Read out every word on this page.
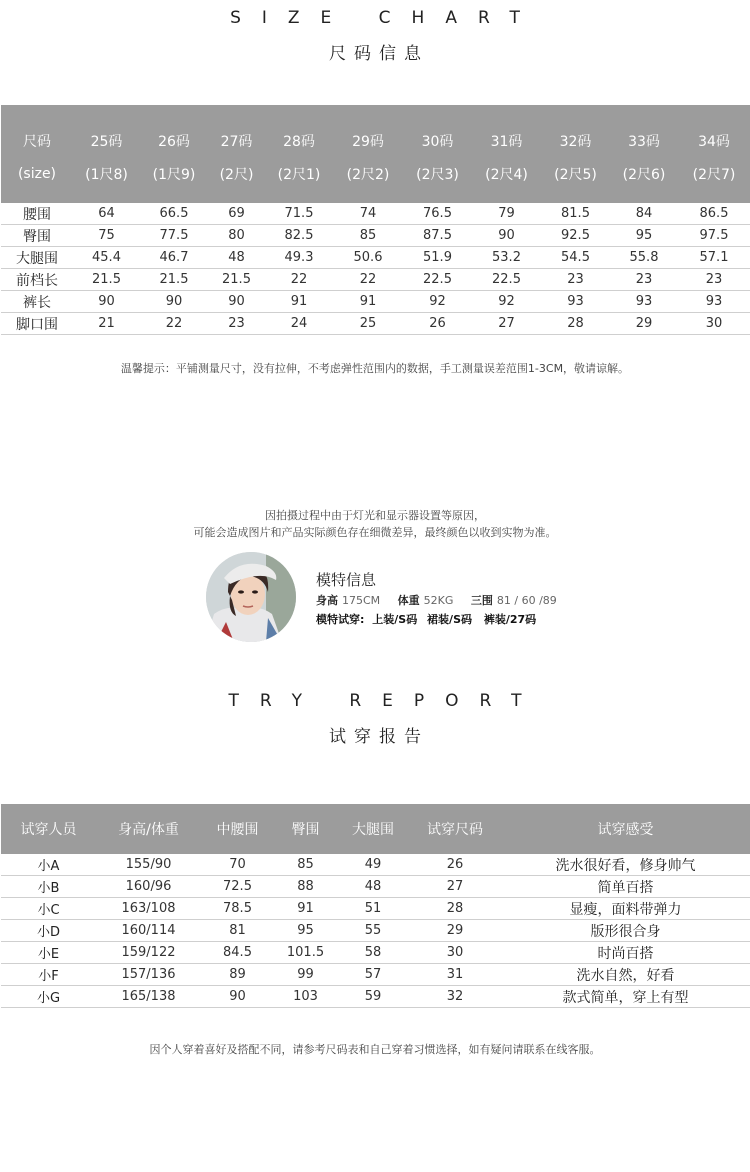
SIZE CHART
尺码信息
尺码	25码	26码	27码	28码	29码	30码	31码	32码	33码	34码
(size)	(1尺8)	(1尺9)	(2尺)	(2尺1)	(2尺2)	(2尺3)	(2尺4)	(2尺5)	(2尺6)	(2尺7)
腰围	64	66.5	69	71.5	74	76.5	79	81.5	84	86.5
臀围	75	77.5	80	82.5	85	87.5	90	92.5	95	97.5
大腿围	45.4	46.7	48	49.3	50.6	51.9	53.2	54.5	55.8	57.1
前档长	21.5	21.5	21.5	22	22	22.5	22.5	23	23	23
裤长	90	90	90	91	91	92	92	93	93	93
脚口围	21	22	23	24	25	26	27	28	29	30
温馨提示：平铺测量尺寸，没有拉伸，不考虑弹性范围内的数据，手工测量误差范围1-3CM，敬请谅解。
因拍摄过程中由于灯光和显示器设置等原因，
可能会造成图片和产品实际颜色存在细微差异，最终颜色以收到实物为准。
模特信息
身高 175CM 体重 52KG 三围 81 / 60 /89
模特试穿: 上装/S码 裙装/S码 裤装/27码
TRY REPORT
试穿报告
试穿人员	身高/体重	中腰围	臀围	大腿围	试穿尺码	试穿感受
小A	155/90	70	85	49	26	洗水很好看，修身帅气
小B	160/96	72.5	88	48	27	简单百搭
小C	163/108	78.5	91	51	28	显瘦，面料带弹力
小D	160/114	81	95	55	29	版形很合身
小E	159/122	84.5	101.5	58	30	时尚百搭
小F	157/136	89	99	57	31	洗水自然，好看
小G	165/138	90	103	59	32	款式简单，穿上有型
因个人穿着喜好及搭配不同，请参考尺码表和自己穿着习惯选择，如有疑问请联系在线客服。
